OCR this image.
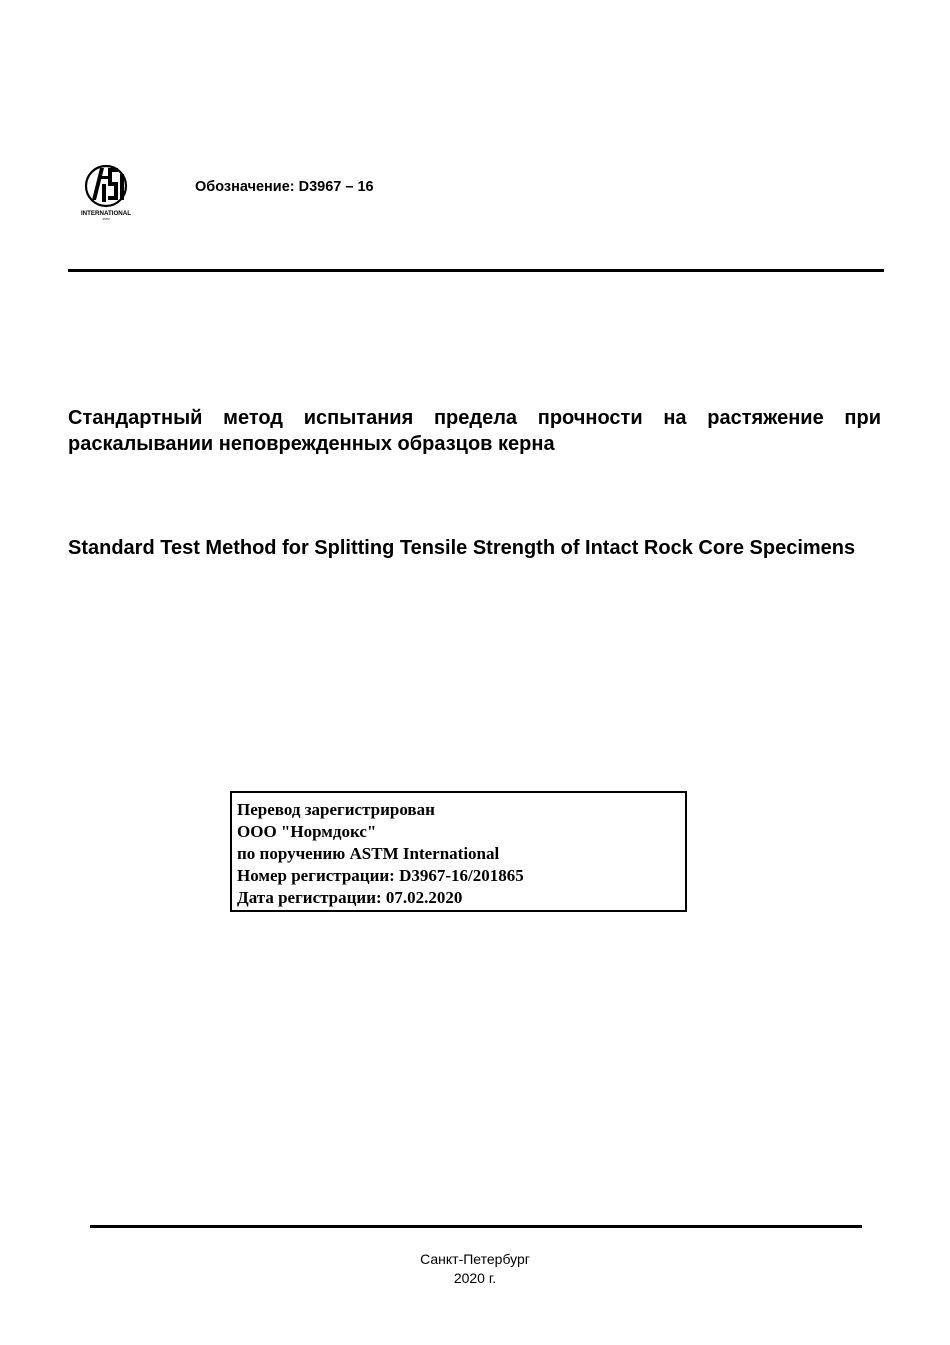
INTERNATIONAL
ASTM
Обозначение: D3967 – 16

Стандартный метод испытания предела прочности на растяжение при раскалывании неповрежденных образцов керна

Standard Test Method for Splitting Tensile Strength of Intact Rock Core Specimens

Перевод зарегистрирован
ООО "Нормдокс"
по поручению ASTM International
Номер регистрации: D3967-16/201865
Дата регистрации: 07.02.2020
Санкт-Петербург
2020 г.
